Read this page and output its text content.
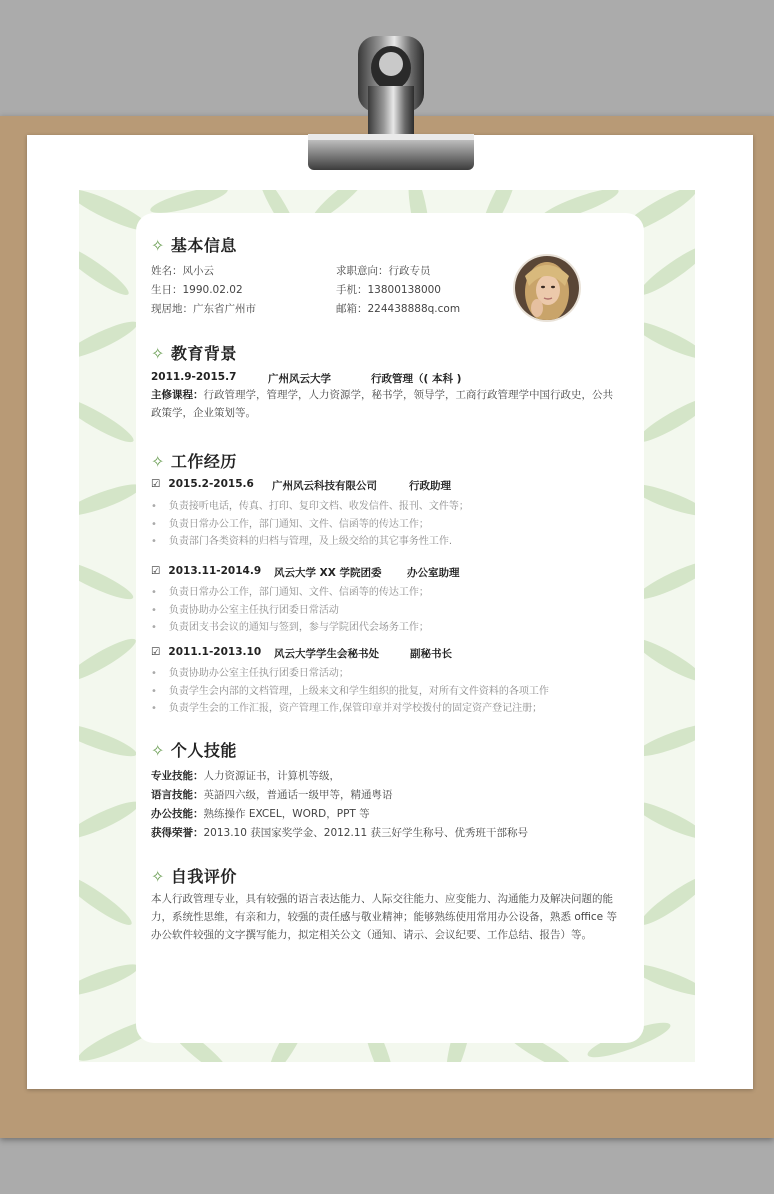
✧ 基本信息
姓名：风小云
生日：1990.02.02
现居地：广东省广州市
求职意向：行政专员
手机：13800138000
邮箱：224438888q.com
✧ 教育背景
2011.9-2015.7	广州风云大学	行政管理（( 本科 )
主修课程：行政管理学，管理学，人力资源学，秘书学，领导学，工商行政管理学中国行政史，公共
政策学，企业策划等。
✧ 工作经历
☑ 2015.2-2015.6 广州风云科技有限公司	行政助理
• 负责接听电话，传真、打印、复印文档、收发信件、报刊、文件等；
• 负责日常办公工作，部门通知、文件、信函等的传达工作；
• 负责部门各类资料的归档与管理，及上级交给的其它事务性工作.
☑ 2013.11-2014.9 风云大学 XX 学院团委 办公室助理
• 负责日常办公工作，部门通知、文件、信函等的传达工作；
• 负责协助办公室主任执行团委日常活动
• 负责团支书会议的通知与签到，参与学院团代会场务工作；
☑ 2011.1-2013.10 风云大学学生会秘书处	副秘书长
• 负责协助办公室主任执行团委日常活动；
• 负责学生会内部的文档管理，上级来文和学生组织的批复，对所有文件资料的各项工作
• 负责学生会的工作汇报，资产管理工作,保管印章并对学校拨付的固定资产登记注册；
✧ 个人技能
专业技能：人力资源证书，计算机等级，
语言技能：英語四六级，普通话一级甲等，精通粤语
办公技能：熟练操作 EXCEL，WORD，PPT 等
获得荣誉：2013.10 获国家奖学金、2012.11 获三好学生称号、优秀班干部称号
✧ 自我评价
本人行政管理专业，具有较强的语言表达能力、人际交往能力、应变能力、沟通能力及解决问题的能
力，系统性思维，有亲和力，较强的责任感与敬业精神；能够熟练使用常用办公设备，熟悉 office 等
办公软件较强的文字撰写能力，拟定相关公文（通知、请示、会议纪要、工作总结、报告）等。
